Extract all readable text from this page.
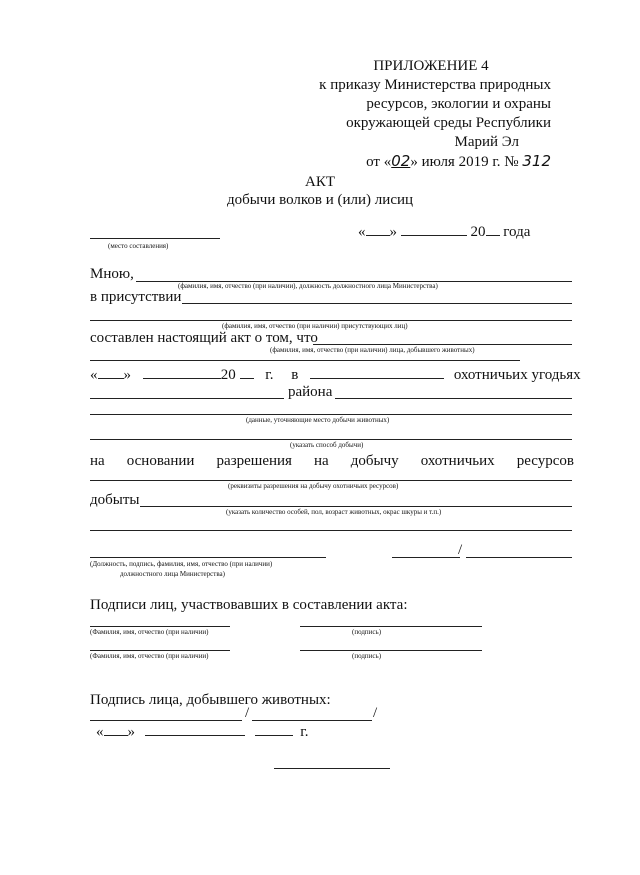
ПРИЛОЖЕНИЕ 4
к приказу Министерства природных
ресурсов, экологии и охраны
окружающей среды Республики
Марий Эл
от «02» июля 2019 г. № 312
АКТ
добычи волков и (или) лисиц
(место составления)
« »	20 года
Мною,
(фамилия, имя, отчество (при наличии), должность должностного лица Министерства)
в присутствии
(фамилия, имя, отчество (при наличии) присутствующих лиц)
составлен настоящий акт о том, что
(фамилия, имя, отчество (при наличии) лица, добывшего животных)
« »	20 г. в	охотничьих угодьях
района
(данные, уточняющие место добычи животных)
(указать способ добычи)
на основании разрешения на добычу охотничьих ресурсов
(реквизиты разрешения на добычу охотничьих ресурсов)
добыты
(указать количество особей, пол, возраст животных, окрас шкуры и т.п.)
/
(Должность, подпись, фамилия, имя, отчество (при наличии)
должностного лица Министерства)
Подписи лиц, участвовавших в составлении акта:
(Фамилия, имя, отчество (при наличии)	(подпись)
(Фамилия, имя, отчество (при наличии)	(подпись)
Подпись лица, добывшего животных:
/	/
« »	г.
